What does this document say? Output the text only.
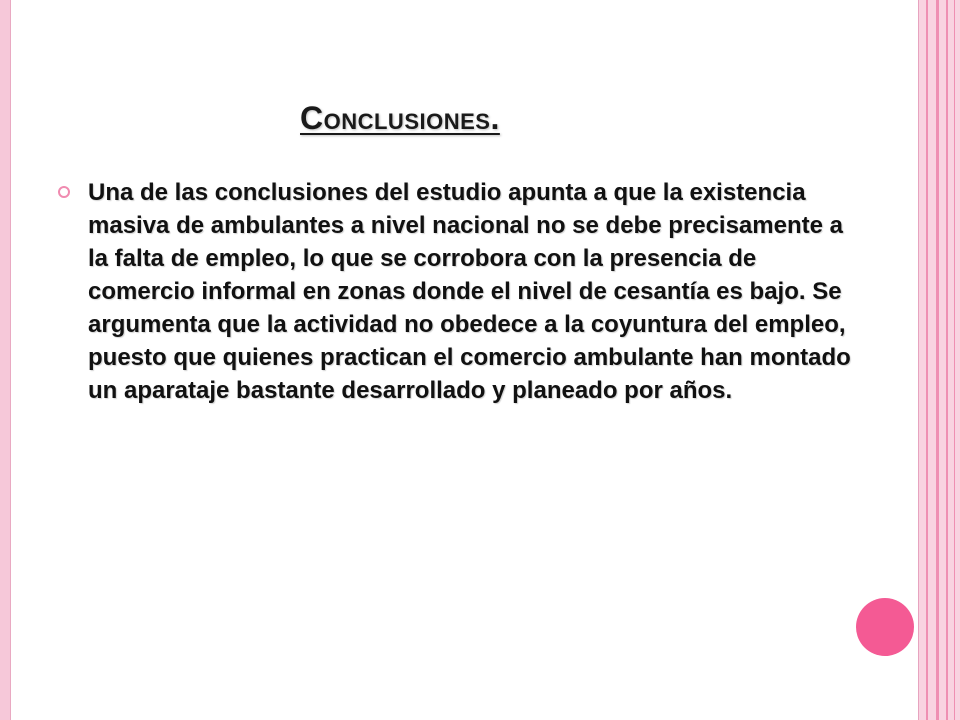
Conclusiones.

Una de las conclusiones del estudio apunta a que la existencia masiva de ambulantes a nivel nacional no se debe precisamente a la falta de empleo, lo que se corrobora con la presencia de comercio informal en zonas donde el nivel de cesantía es bajo. Se argumenta que la actividad no obedece a la coyuntura del empleo, puesto que quienes practican el comercio ambulante han montado un aparataje bastante desarrollado y planeado por años.
